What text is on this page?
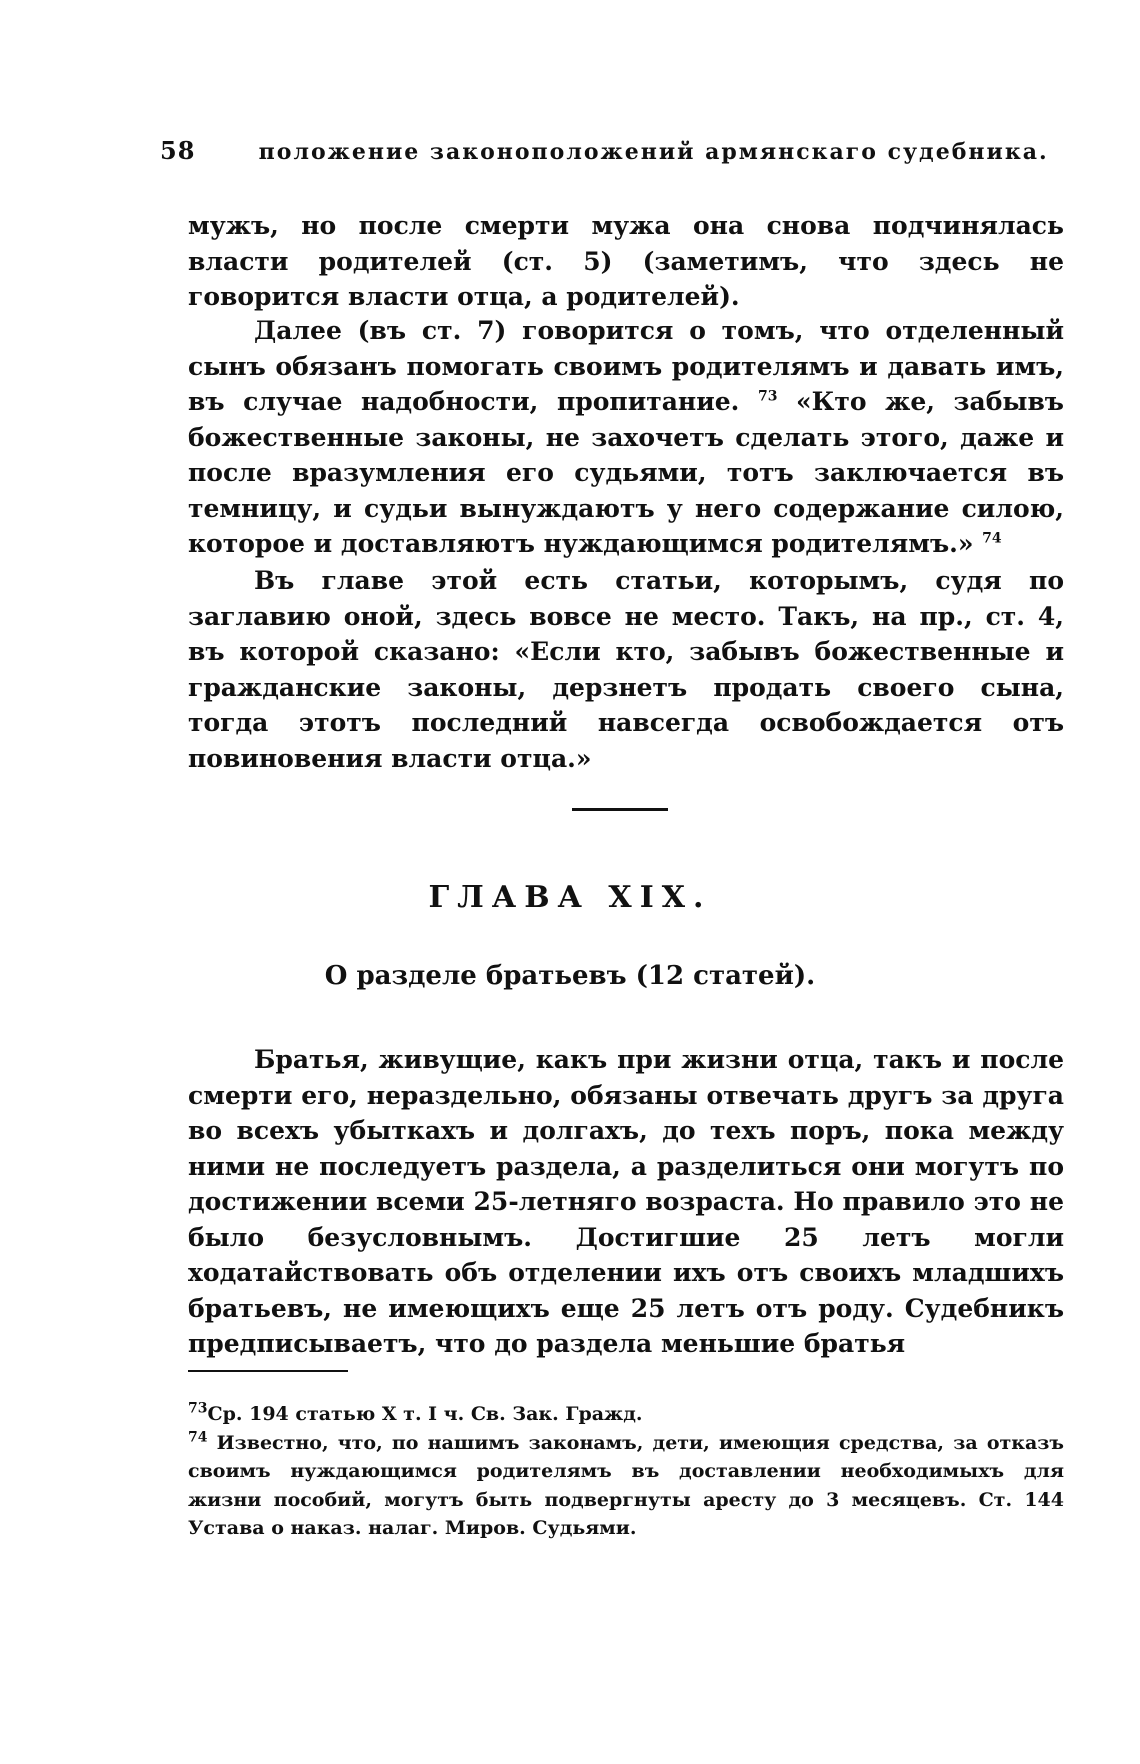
58	положение законоположений армянскаго судебника.

мужъ, но после смерти мужа она снова подчинялась власти родителей (ст. 5) (заметимъ, что здесь не говорится власти отца, а родителей).

Далее (въ ст. 7) говорится о томъ, что отделенный сынъ обязанъ помогать своимъ родителямъ и давать имъ, въ случае надобности, пропитание. $^{73}$ «Кто же, забывъ божественные законы, не захочетъ сделать этого, даже и после вразумления его судьями, тотъ заключается въ темницу, и судьи вынуждаютъ у него содержание силою, которое и доставляютъ нуждающимся родителямъ.» $^{74}$

Въ главе этой есть статьи, которымъ, судя по заглавию оной, здесь вовсе не место. Такъ, на пр., ст. 4, въ которой сказано: «Если кто, забывъ божественные и гражданские законы, дерзнетъ продать своего сына, тогда этотъ последний навсегда освобождается отъ повиновения власти отца.»

ГЛАВА XIX.
О разделе братьевъ (12 статей).

Братья, живущие, какъ при жизни отца, такъ и после смерти его, нераздельно, обязаны отвечать другъ за друга во всехъ убыткахъ и долгахъ, до техъ поръ, пока между ними не последуетъ раздела, а разделиться они могутъ по достижении всеми 25-летняго возраста. Но правило это не было безусловнымъ. Достигшие 25 летъ могли ходатайствовать объ отделении ихъ отъ своихъ младшихъ братьевъ, не имеющихъ еще 25 летъ отъ роду. Судебникъ предписываетъ, что до раздела меньшие братья

$^{73}$Ср. 194 статью X т. I ч. Св. Зак. Гражд.

$^{74}$ Известно, что, по нашимъ законамъ, дети, имеющия средства, за отказъ своимъ нуждающимся родителямъ въ доставлении необходимыхъ для жизни пособий, могутъ быть подвергнуты аресту до 3 месяцевъ. Ст. 144 Устава о наказ. налаг. Миров. Судьями.
